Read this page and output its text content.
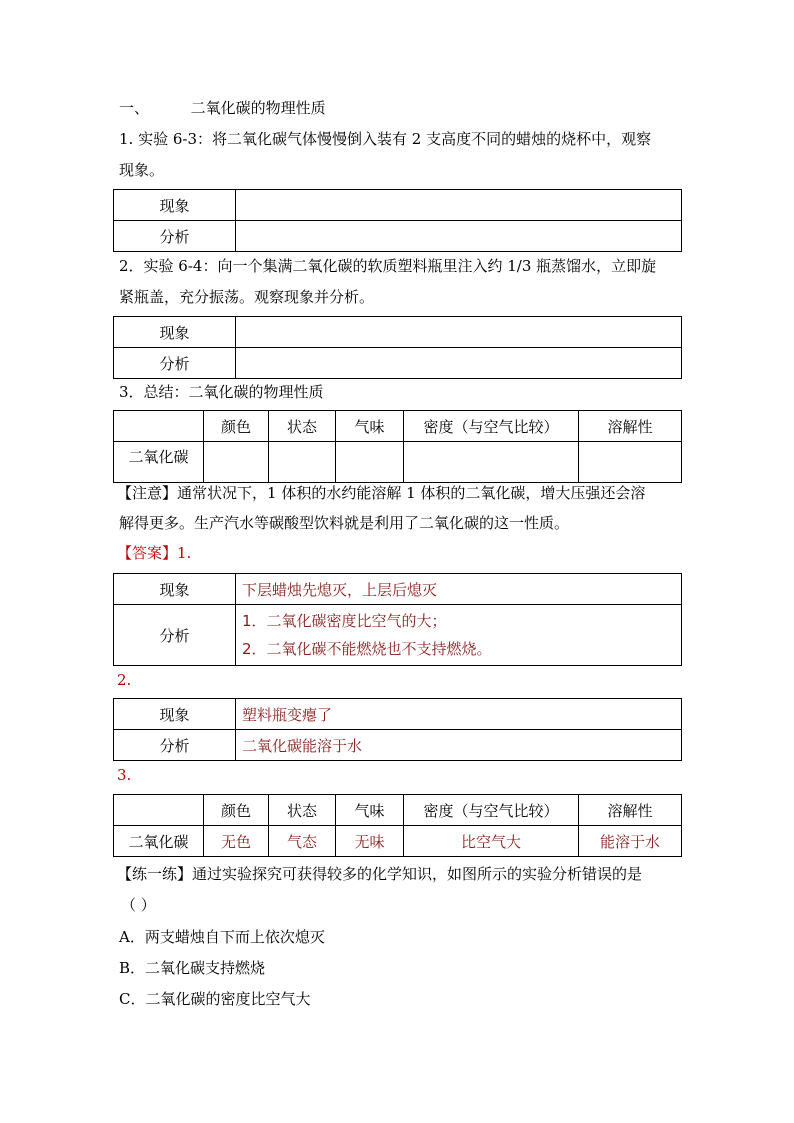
一、	二氧化碳的物理性质
1. 实验 6-3：将二氧化碳气体慢慢倒入装有 2 支高度不同的蜡烛的烧杯中，观察
现象。
现象	
分析	
2．实验 6-4：向一个集满二氧化碳的软质塑料瓶里注入约 1/3 瓶蒸馏水，立即旋
紧瓶盖，充分振荡。观察现象并分析。
现象	
分析	
3．总结：二氧化碳的物理性质
	颜色	状态	气味	密度（与空气比较）	溶解性
二氧化碳					
【注意】通常状况下，1 体积的水约能溶解 1 体积的二氧化碳，增大压强还会溶
解得更多。生产汽水等碳酸型饮料就是利用了二氧化碳的这一性质。
【答案】1.
现象	下层蜡烛先熄灭，上层后熄灭
分析	1．二氧化碳密度比空气的大；
2．二氧化碳不能燃烧也不支持燃烧。
2.
现象	塑料瓶变瘪了
分析	二氧化碳能溶于水
3.
	颜色	状态	气味	密度（与空气比较）	溶解性
二氧化碳	无色	气态	无味	比空气大	能溶于水
【练一练】通过实验探究可获得较多的化学知识，如图所示的实验分析错误的是
（ ）
A．两支蜡烛自下而上依次熄灭
B．二氧化碳支持燃烧
C．二氧化碳的密度比空气大
